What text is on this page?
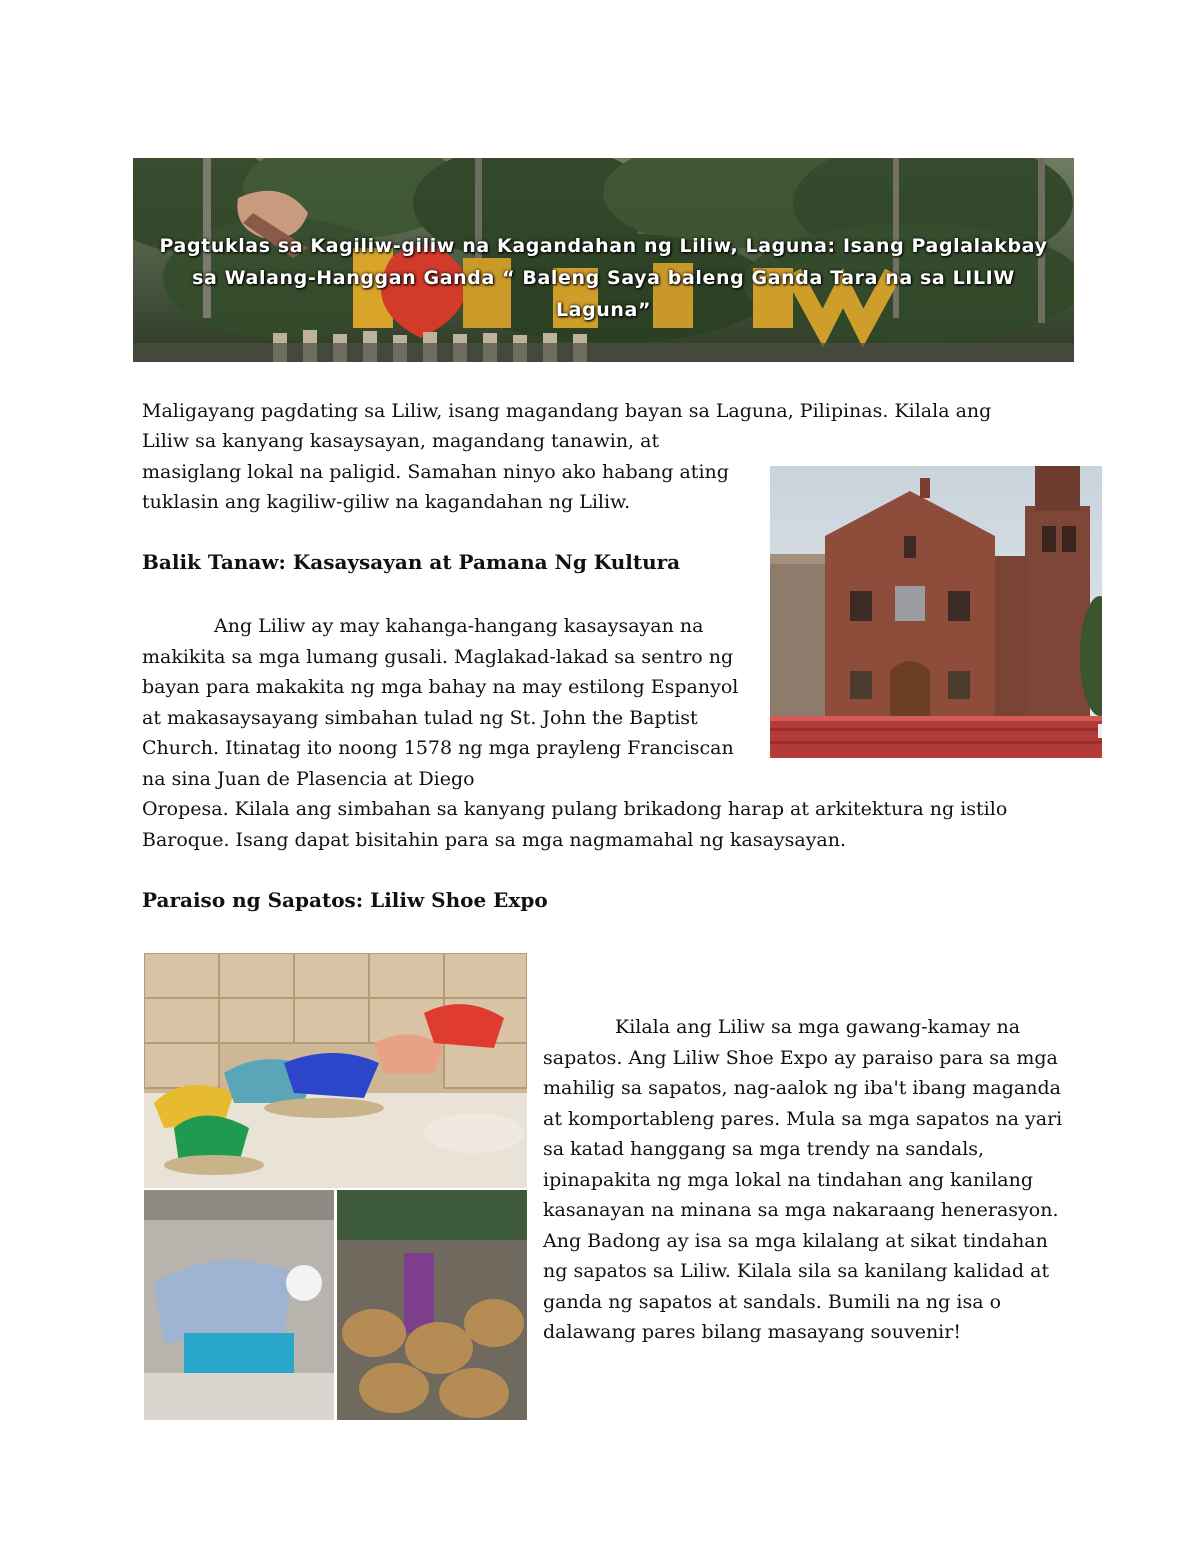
Pagtuklas sa Kagiliw-giliw na Kagandahan ng Liliw, Laguna: Isang Paglalakbay sa Walang-Hanggan Ganda “ Baleng Saya baleng Ganda Tara na sa LILIW Laguna”
Maligayang pagdating sa Liliw, isang magandang bayan sa Laguna, Pilipinas. Kilala ang
Liliw sa kanyang kasaysayan, magandang tanawin, at masiglang lokal na paligid. Samahan ninyo ako habang ating tuklasin ang kagiliw-giliw na kagandahan ng Liliw.
Balik Tanaw: Kasaysayan at Pamana Ng Kultura
Ang Liliw ay may kahanga-hangang kasaysayan na makikita sa mga lumang gusali. Maglakad-lakad sa sentro ng bayan para makakita ng mga bahay na may estilong Espanyol at makasaysayang simbahan tulad ng St. John the Baptist Church. Itinatag ito noong 1578 ng mga prayleng Franciscan na sina Juan de Plasencia at Diego
Oropesa. Kilala ang simbahan sa kanyang pulang brikadong harap at arkitektura ng istilo Baroque. Isang dapat bisitahin para sa mga nagmamahal ng kasaysayan.
Paraiso ng Sapatos: Liliw Shoe Expo
Kilala ang Liliw sa mga gawang-kamay na sapatos. Ang Liliw Shoe Expo ay paraiso para sa mga mahilig sa sapatos, nag-aalok ng iba't ibang maganda at komportableng pares. Mula sa mga sapatos na yari sa katad hanggang sa mga trendy na sandals, ipinapakita ng mga lokal na tindahan ang kanilang kasanayan na minana sa mga nakaraang henerasyon. Ang Badong ay isa sa mga kilalang at sikat tindahan ng sapatos sa Liliw. Kilala sila sa kanilang kalidad at ganda ng sapatos at sandals. Bumili na ng isa o dalawang pares bilang masayang souvenir!
